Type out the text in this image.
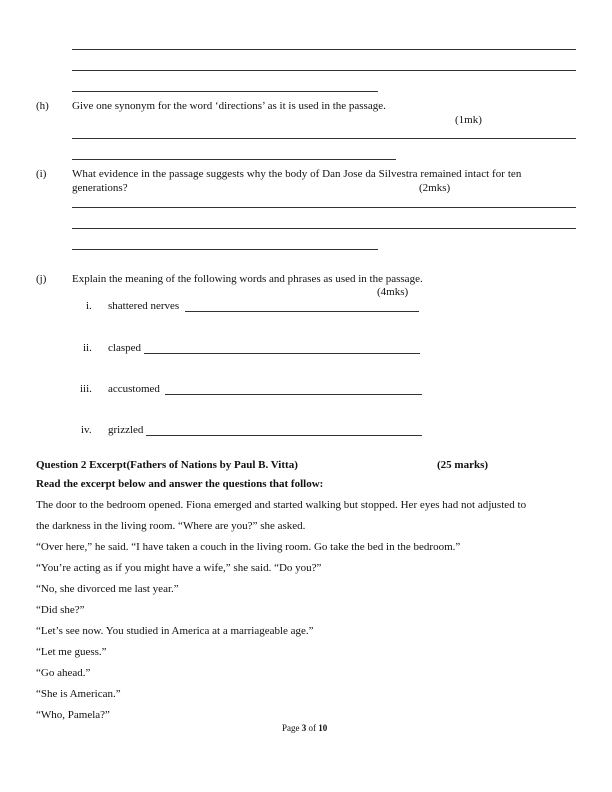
(h) Give one synonym for the word ‘directions’ as it is used in the passage.
(1mk)
(i) What evidence in the passage suggests why the body of Dan Jose da Silvestra remained intact for ten
generations?	(2mks)
(j) Explain the meaning of the following words and phrases as used in the passage.
(4mks)
i. shattered nerves
ii. clasped
iii. accustomed
iv. grizzled
Question 2 Excerpt(Fathers of Nations by Paul B. Vitta)	(25 marks)
Read the excerpt below and answer the questions that follow:
The door to the bedroom opened. Fiona emerged and started walking but stopped. Her eyes had not adjusted to
the darkness in the living room. “Where are you?” she asked.
“Over here,” he said. “I have taken a couch in the living room. Go take the bed in the bedroom.”
“You’re acting as if you might have a wife,” she said. “Do you?”
“No, she divorced me last year.”
“Did she?”
“Let’s see now. You studied in America at a marriageable age.”
“Let me guess.”
“Go ahead.”
“She is American.”
“Who, Pamela?”
Page 3 of 10
